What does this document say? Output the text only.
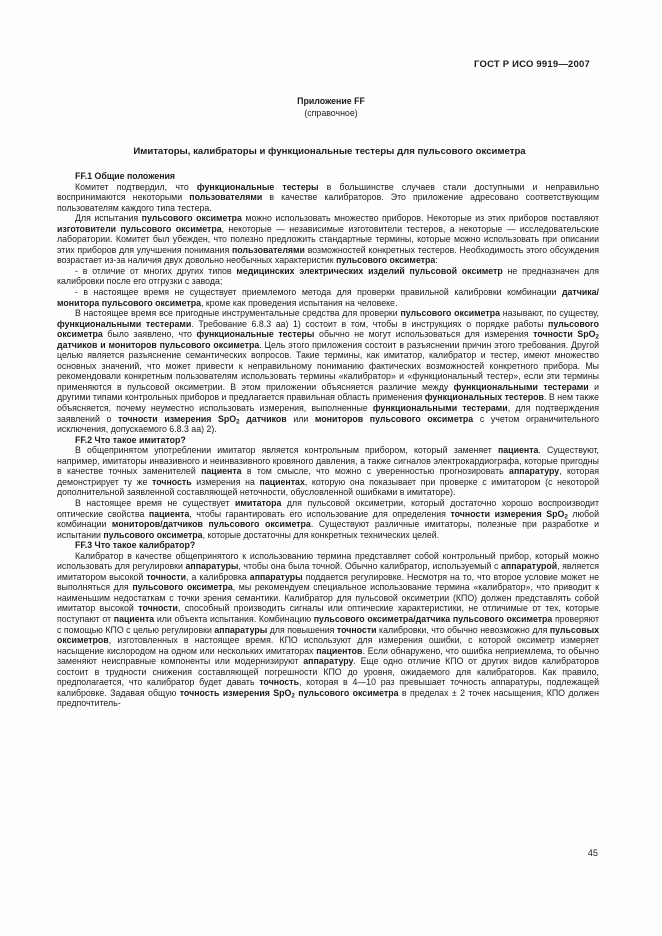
ГОСТ Р ИСО 9919—2007
Приложение FF
(справочное)
Имитаторы, калибраторы и функциональные тестеры для пульсового оксиметра

FF.1 Общие положения

Комитет подтвердил, что функциональные тестеры в большинстве случаев стали доступными и неправильно воспринимаются некоторыми пользователями в качестве калибраторов. Это приложение адресовано соответствующим пользователям каждого типа тестера.

Для испытания пульсового оксиметра можно использовать множество приборов. Некоторые из этих приборов поставляют изготовители пульсового оксиметра, некоторые — независимые изготовители тестеров, а некоторые — исследовательские лаборатории. Комитет был убежден, что полезно предложить стандартные термины, которые можно использовать при описании этих приборов для улучшения понимания пользователями возможностей конкретных тестеров. Необходимость этого обсуждения возрастает из-за наличия двух довольно необычных характеристик пульсового оксиметра:

- в отличие от многих других типов медицинских электрических изделий пульсовой оксиметр не предназначен для калибровки после его отгрузки с завода;

- в настоящее время не существует приемлемого метода для проверки правильной калибровки комбинации датчика/монитора пульсового оксиметра, кроме как проведения испытания на человеке.

В настоящее время все пригодные инструментальные средства для проверки пульсового оксиметра называют, по существу, функциональными тестерами. Требование 6.8.3 аа) 1) состоит в том, чтобы в инструкциях о порядке работы пульсового оксиметра было заявлено, что функциональные тестеры обычно не могут использоваться для измерения точности SpO$_2$ датчиков и мониторов пульсового оксиметра. Цель этого приложения состоит в разъяснении причин этого требования. Другой целью является разъяснение семантических вопросов. Такие термины, как имитатор, калибратор и тестер, имеют множество основных значений, что может привести к неправильному пониманию фактических возможностей конкретного прибора. Мы рекомендовали конкретным пользователям использовать термины «калибратор» и «функциональный тестер», если эти термины применяются в пульсовой оксиметрии. В этом приложении объясняется различие между функциональными тестерами и другими типами контрольных приборов и предлагается правильная область применения функциональных тестеров. В нем также объясняется, почему неуместно использовать измерения, выполненные функциональными тестерами, для подтверждения заявлений о точности измерения SpO$_2$ датчиков или мониторов пульсового оксиметра с учетом ограничительного исключения, допускаемого 6.8.3 аа) 2).

FF.2 Что такое имитатор?

В общепринятом употреблении имитатор является контрольным прибором, который заменяет пациента. Существуют, например, имитаторы инвазивного и неинвазивного кровяного давления, а также сигналов электрокардиографа, которые пригодны в качестве точных заменителей пациента в том смысле, что можно с уверенностью прогнозировать аппаратуру, которая демонстрирует ту же точность измерения на пациентах, которую она показывает при проверке с имитатором (с некоторой дополнительной заявленной составляющей неточности, обусловленной ошибками в имитаторе).

В настоящее время не существует имитатора для пульсовой оксиметрии, который достаточно хорошо воспроизводит оптические свойства пациента, чтобы гарантировать его использование для определения точности измерения SpO$_2$ любой комбинации мониторов/датчиков пульсового оксиметра. Существуют различные имитаторы, полезные при разработке и испытании пульсового оксиметра, которые достаточны для конкретных технических целей.

FF.3 Что такое калибратор?

Калибратор в качестве общепринятого к использованию термина представляет собой контрольный прибор, который можно использовать для регулировки аппаратуры, чтобы она была точной. Обычно калибратор, используемый с аппаратурой, является имитатором высокой точности, а калибровка аппаратуры поддается регулировке. Несмотря на то, что второе условие может не выполняться для пульсового оксиметра, мы рекомендуем специальное использование термина «калибратор», что приводит к наименьшим недостаткам с точки зрения семантики. Калибратор для пульсовой оксиметрии (КПО) должен представлять собой имитатор высокой точности, способный производить сигналы или оптические характеристики, не отличимые от тех, которые поступают от пациента или объекта испытания. Комбинацию пульсового оксиметра/датчика пульсового оксиметра проверяют с помощью КПО с целью регулировки аппаратуры для повышения точности калибровки, что обычно невозможно для пульсовых оксиметров, изготовленных в настоящее время. КПО используют для измерения ошибки, с которой оксиметр измеряет насыщение кислородом на одном или нескольких имитаторах пациентов. Если обнаружено, что ошибка неприемлема, то обычно заменяют неисправные компоненты или модернизируют аппаратуру. Еще одно отличие КПО от других видов калибраторов состоит в трудности снижения составляющей погрешности КПО до уровня, ожидаемого для калибраторов. Как правило, предполагается, что калибратор будет давать точность, которая в 4—10 раз превышает точность аппаратуры, подлежащей калибровке. Задавая общую точность измерения SpO$_2$ пульсового оксиметра в пределах ± 2 точек насыщения, КПО должен предпочтитель-

45
